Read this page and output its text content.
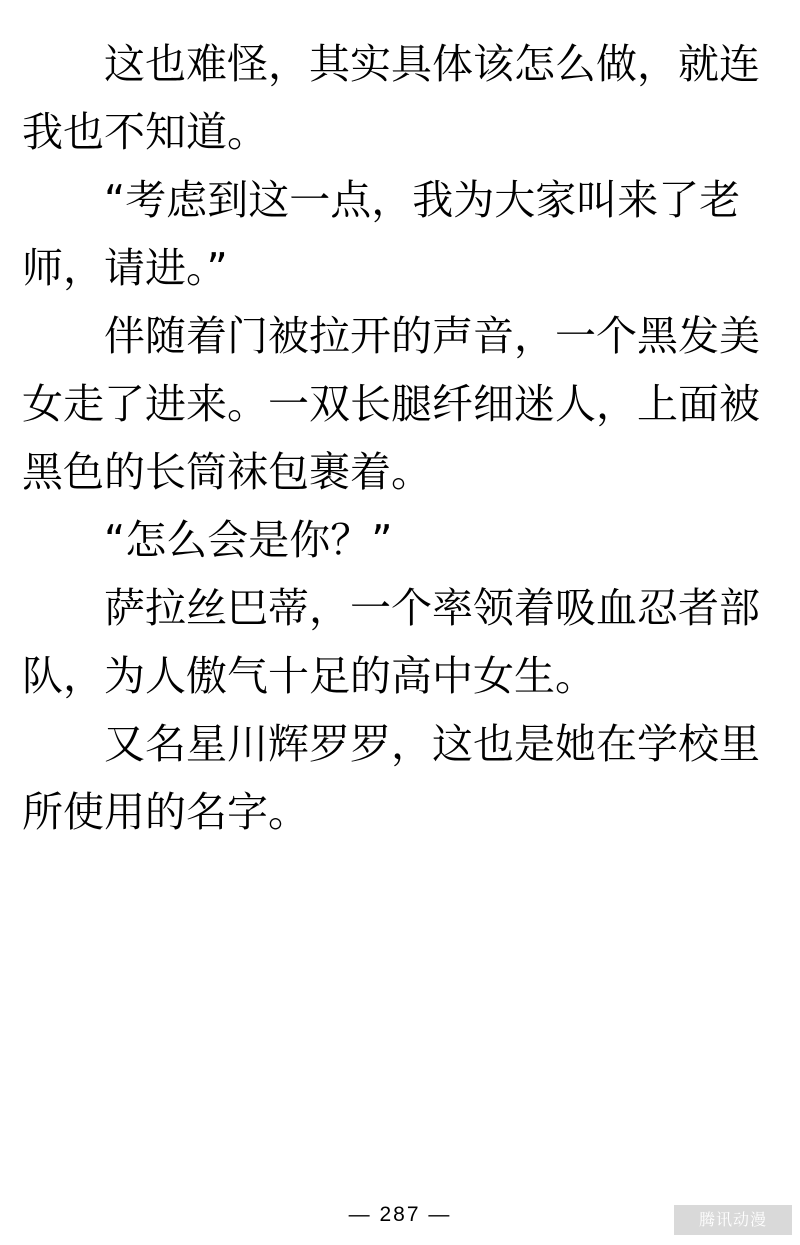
这也难怪，其实具体该怎么做，就连我也不知道。

“考虑到这一点，我为大家叫来了老师，请进。”

伴随着门被拉开的声音，一个黑发美女走了进来。一双长腿纤细迷人，上面被黑色的长筒袜包裹着。

“怎么会是你？”

萨拉丝巴蒂，一个率领着吸血忍者部队，为人傲气十足的高中女生。

又名星川辉罗罗，这也是她在学校里所使用的名字。

— 287 —	腾讯动漫
